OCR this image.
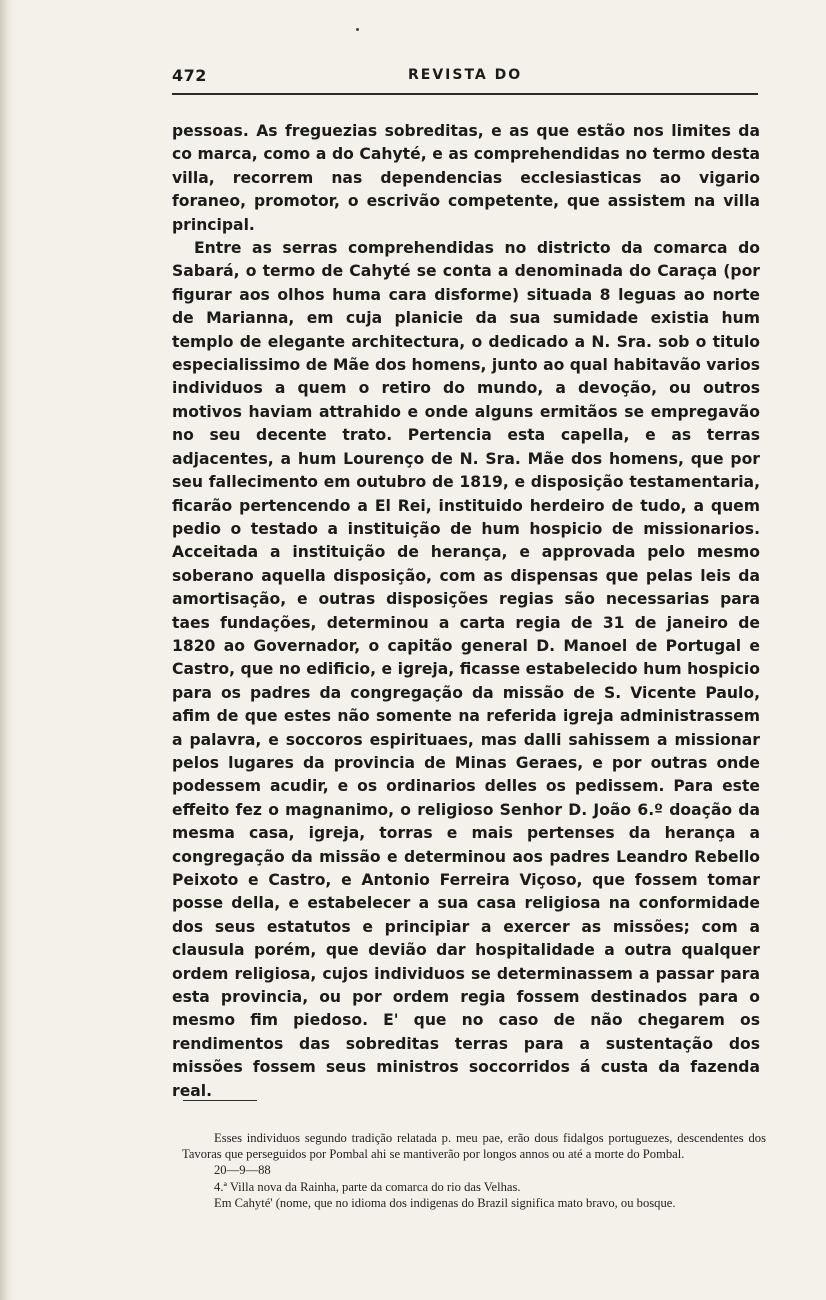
472	REVISTA DO

pessoas. As freguezias sobreditas, e as que estão nos limites da co marca, como a do Cahyté, e as comprehendidas no termo desta villa, recorrem nas dependencias ecclesiasticas ao vigario foraneo, promotor, o escrivão competente, que assistem na villa principal.

Entre as serras comprehendidas no districto da comarca do Sabará, o termo de Cahyté se conta a denominada do Caraça (por figurar aos olhos huma cara disforme) situada 8 leguas ao norte de Marianna, em cuja planicie da sua sumidade existia hum templo de elegante architectura, o dedicado a N. Sra. sob o titulo especialissimo de Mãe dos homens, junto ao qual habitavão varios individuos a quem o retiro do mundo, a devoção, ou outros motivos haviam attrahido e onde alguns ermitãos se empregavão no seu decente trato. Pertencia esta capella, e as terras adjacentes, a hum Lourenço de N. Sra. Mãe dos homens, que por seu fallecimento em outubro de 1819, e disposição testamentaria, ficarão pertencendo a El Rei, instituido herdeiro de tudo, a quem pedio o testado a instituição de hum hospicio de missionarios. Acceitada a instituição de herança, e approvada pelo mesmo soberano aquella disposição, com as dispensas que pelas leis da amortisação, e outras disposições regias são necessarias para taes fundações, determinou a carta regia de 31 de janeiro de 1820 ao Governador, o capitão general D. Manoel de Portugal e Castro, que no edificio, e igreja, ficasse estabelecido hum hospicio para os padres da congregação da missão de S. Vicente Paulo, afim de que estes não somente na referida igreja administrassem a palavra, e soccoros espirituaes, mas dalli sahissem a missionar pelos lugares da provincia de Minas Geraes, e por outras onde podessem acudir, e os ordinarios delles os pedissem. Para este effeito fez o magnanimo, o religioso Senhor D. João 6.º doação da mesma casa, igreja, torras e mais pertenses da herança a congregação da missão e determinou aos padres Leandro Rebello Peixoto e Castro, e Antonio Ferreira Viçoso, que fossem tomar posse della, e estabelecer a sua casa religiosa na conformidade dos seus estatutos e principiar a exercer as missões; com a clausula porém, que devião dar hospitalidade a outra qualquer ordem religiosa, cujos individuos se determinassem a passar para esta provincia, ou por ordem regia fossem destinados para o mesmo fim piedoso. E' que no caso de não chegarem os rendimentos das sobreditas terras para a sustentação dos missões fossem seus ministros soccorridos á custa da fazenda real.

Esses individuos segundo tradição relatada p. meu pae, erão dous fidalgos portuguezes, descendentes dos Tavoras que perseguidos por Pombal ahi se mantiverão por longos annos ou até a morte do Pombal.

20—9—88

4.ª Villa nova da Rainha, parte da comarca do rio das Velhas.

Em Cahyté' (nome, que no idioma dos indigenas do Brazil significa mato bravo, ou bosque.
